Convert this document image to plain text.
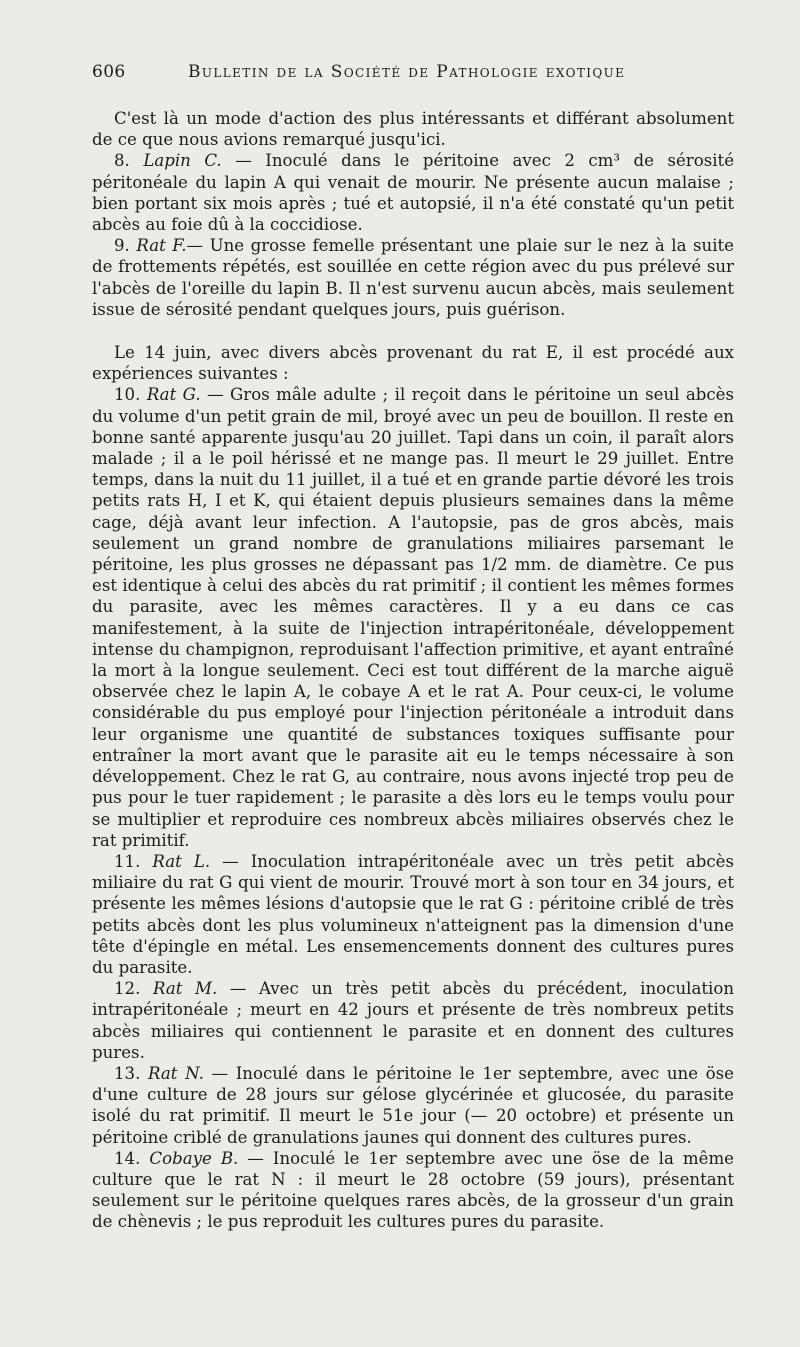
606	Bulletin de la Société de Pathologie exotique

C'est là un mode d'action des plus intéressants et différant absolument de ce que nous avions remarqué jusqu'ici.

8. Lapin C. — Inoculé dans le péritoine avec 2 cm³ de sérosité péritonéale du lapin A qui venait de mourir. Ne présente aucun malaise ; bien portant six mois après ; tué et autopsié, il n'a été constaté qu'un petit abcès au foie dû à la coccidiose.

9. Rat F.— Une grosse femelle présentant une plaie sur le nez à la suite de frottements répétés, est souillée en cette région avec du pus prélevé sur l'abcès de l'oreille du lapin B. Il n'est survenu aucun abcès, mais seulement issue de sérosité pendant quelques jours, puis guérison.

Le 14 juin, avec divers abcès provenant du rat E, il est procédé aux expériences suivantes :

10. Rat G. — Gros mâle adulte ; il reçoit dans le péritoine un seul abcès du volume d'un petit grain de mil, broyé avec un peu de bouillon. Il reste en bonne santé apparente jusqu'au 20 juillet. Tapi dans un coin, il paraît alors malade ; il a le poil hérissé et ne mange pas. Il meurt le 29 juillet. Entre temps, dans la nuit du 11 juillet, il a tué et en grande partie dévoré les trois petits rats H, I et K, qui étaient depuis plusieurs semaines dans la même cage, déjà avant leur infection. A l'autopsie, pas de gros abcès, mais seulement un grand nombre de granulations miliaires parsemant le péritoine, les plus grosses ne dépassant pas 1/2 mm. de diamètre. Ce pus est identique à celui des abcès du rat primitif ; il contient les mêmes formes du parasite, avec les mêmes caractères. Il y a eu dans ce cas manifestement, à la suite de l'injection intrapéritonéale, développement intense du champignon, reproduisant l'affection primitive, et ayant entraîné la mort à la longue seulement. Ceci est tout différent de la marche aiguë observée chez le lapin A, le cobaye A et le rat A. Pour ceux-ci, le volume considérable du pus employé pour l'injection péritonéale a introduit dans leur organisme une quantité de substances toxiques suffisante pour entraîner la mort avant que le parasite ait eu le temps nécessaire à son développement. Chez le rat G, au contraire, nous avons injecté trop peu de pus pour le tuer rapidement ; le parasite a dès lors eu le temps voulu pour se multiplier et reproduire ces nombreux abcès miliaires observés chez le rat primitif.

11. Rat L. — Inoculation intrapéritonéale avec un très petit abcès miliaire du rat G qui vient de mourir. Trouvé mort à son tour en 34 jours, et présente les mêmes lésions d'autopsie que le rat G : péritoine criblé de très petits abcès dont les plus volumineux n'atteignent pas la dimension d'une tête d'épingle en métal. Les ensemencements donnent des cultures pures du parasite.

12. Rat M. — Avec un très petit abcès du précédent, inoculation intrapéritonéale ; meurt en 42 jours et présente de très nombreux petits abcès miliaires qui contiennent le parasite et en donnent des cultures pures.

13. Rat N. — Inoculé dans le péritoine le 1er septembre, avec une öse d'une culture de 28 jours sur gélose glycérinée et glucosée, du parasite isolé du rat primitif. Il meurt le 51e jour (— 20 octobre) et présente un péritoine criblé de granulations jaunes qui donnent des cultures pures.

14. Cobaye B. — Inoculé le 1er septembre avec une öse de la même culture que le rat N : il meurt le 28 octobre (59 jours), présentant seulement sur le péritoine quelques rares abcès, de la grosseur d'un grain de chènevis ; le pus reproduit les cultures pures du parasite.
